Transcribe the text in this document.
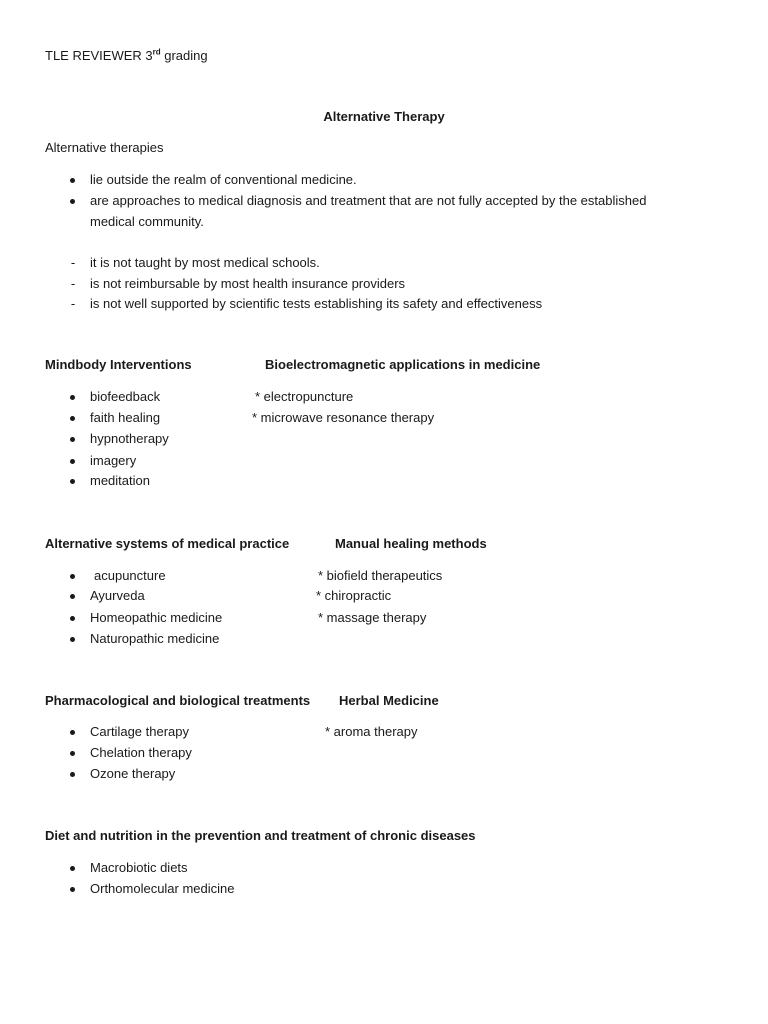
TLE REVIEWER 3rd grading
Alternative Therapy
Alternative therapies
lie outside the realm of conventional medicine.
are approaches to medical diagnosis and treatment that are not fully accepted by the established
medical community.
- it is not taught by most medical schools.
- is not reimbursable by most health insurance providers
- is not well supported by scientific tests establishing its safety and effectiveness
Mindbody Interventions	Bioelectromagnetic applications in medicine
biofeedback
faith healing
hypnotherapy
imagery
meditation
* electropuncture
* microwave resonance therapy
Alternative systems of medical practice	Manual healing methods
acupuncture
Ayurveda
Homeopathic medicine
Naturopathic medicine
* biofield therapeutics
* chiropractic
* massage therapy
Pharmacological and biological treatments Herbal Medicine
Cartilage therapy
Chelation therapy
Ozone therapy
* aroma therapy
Diet and nutrition in the prevention and treatment of chronic diseases
Macrobiotic diets
Orthomolecular medicine
